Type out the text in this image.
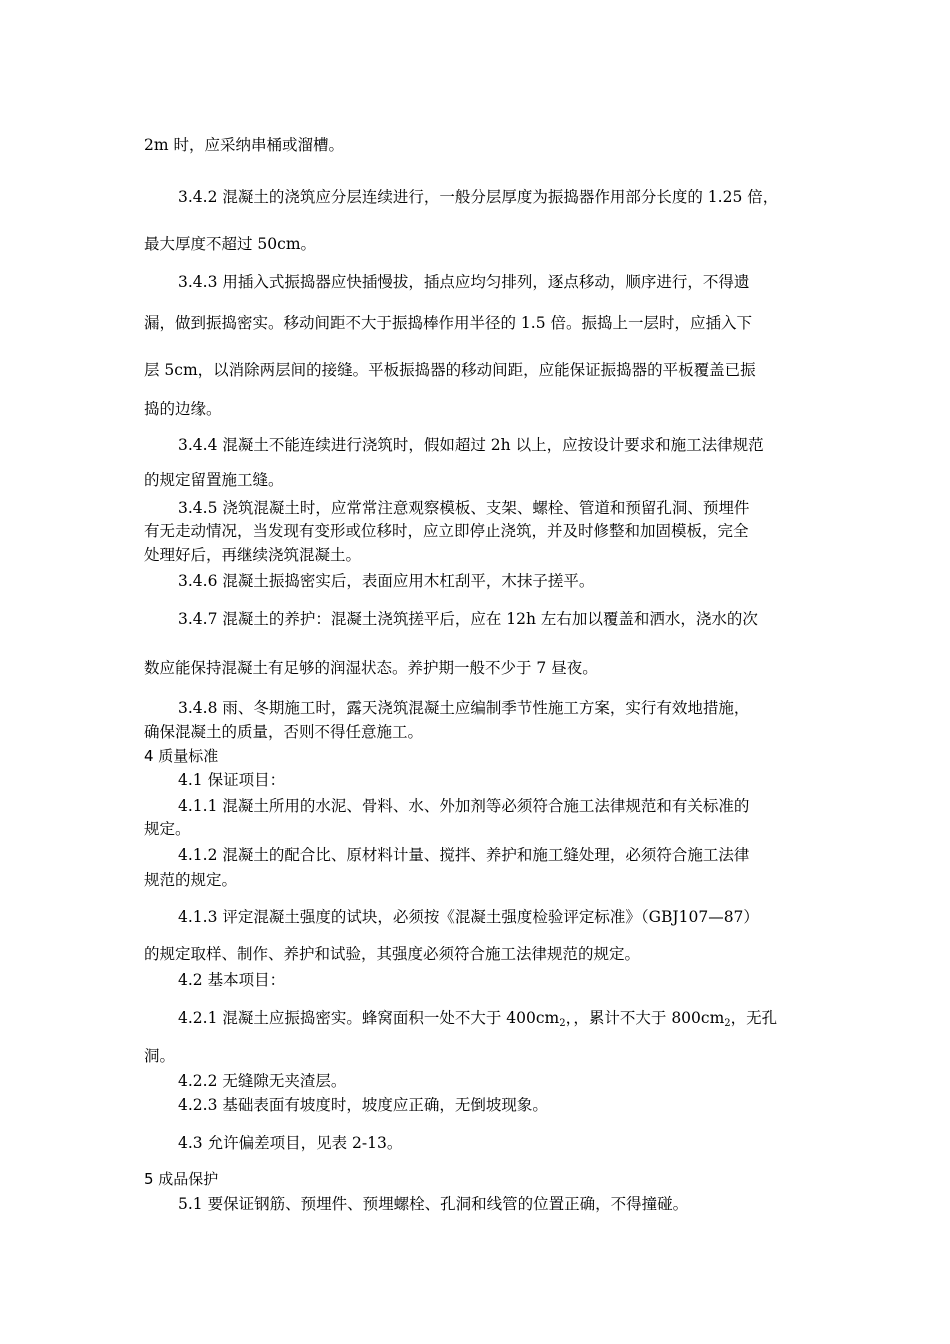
2m 时，应采纳串桶或溜槽。
3.4.2 混凝土的浇筑应分层连续进行，一般分层厚度为振捣器作用部分长度的 1.25 倍，
最大厚度不超过 50cm。
3.4.3 用插入式振捣器应快插慢拔，插点应均匀排列，逐点移动，顺序进行，不得遗
漏，做到振捣密实。移动间距不大于振捣棒作用半径的 1.5 倍。振捣上一层时，应插入下
层 5cm，以消除两层间的接缝。平板振捣器的移动间距，应能保证振捣器的平板覆盖已振
捣的边缘。
3.4.4 混凝土不能连续进行浇筑时，假如超过 2h 以上，应按设计要求和施工法律规范
的规定留置施工缝。
3.4.5 浇筑混凝土时，应常常注意观察模板、支架、螺栓、管道和预留孔洞、预埋件
有无走动情况，当发现有变形或位移时，应立即停止浇筑，并及时修整和加固模板，完全
处理好后，再继续浇筑混凝土。
3.4.6 混凝土振捣密实后，表面应用木杠刮平，木抹子搓平。
3.4.7 混凝土的养护：混凝土浇筑搓平后，应在 12h 左右加以覆盖和洒水，浇水的次
数应能保持混凝土有足够的润湿状态。养护期一般不少于 7 昼夜。
3.4.8 雨、冬期施工时，露天浇筑混凝土应编制季节性施工方案，实行有效地措施，
确保混凝土的质量，否则不得任意施工。
4 质量标准
4.1 保证项目：
4.1.1 混凝土所用的水泥、骨料、水、外加剂等必须符合施工法律规范和有关标准的
规定。
4.1.2 混凝土的配合比、原材料计量、搅拌、养护和施工缝处理，必须符合施工法律
规范的规定。
4.1.3 评定混凝土强度的试块，必须按《混凝土强度检验评定标准》（GBJ107—87）
的规定取样、制作、养护和试验，其强度必须符合施工法律规范的规定。
4.2 基本项目：
4.2.1 混凝土应振捣密实。蜂窝面积一处不大于 $400cm_2$，，累计不大于 $800cm_2$，无孔
洞。
4.2.2 无缝隙无夹渣层。
4.2.3 基础表面有坡度时，坡度应正确，无倒坡现象。
4.3 允许偏差项目，见表 2-13。
5 成品保护
5.1 要保证钢筋、预埋件、预埋螺栓、孔洞和线管的位置正确，不得撞碰。
